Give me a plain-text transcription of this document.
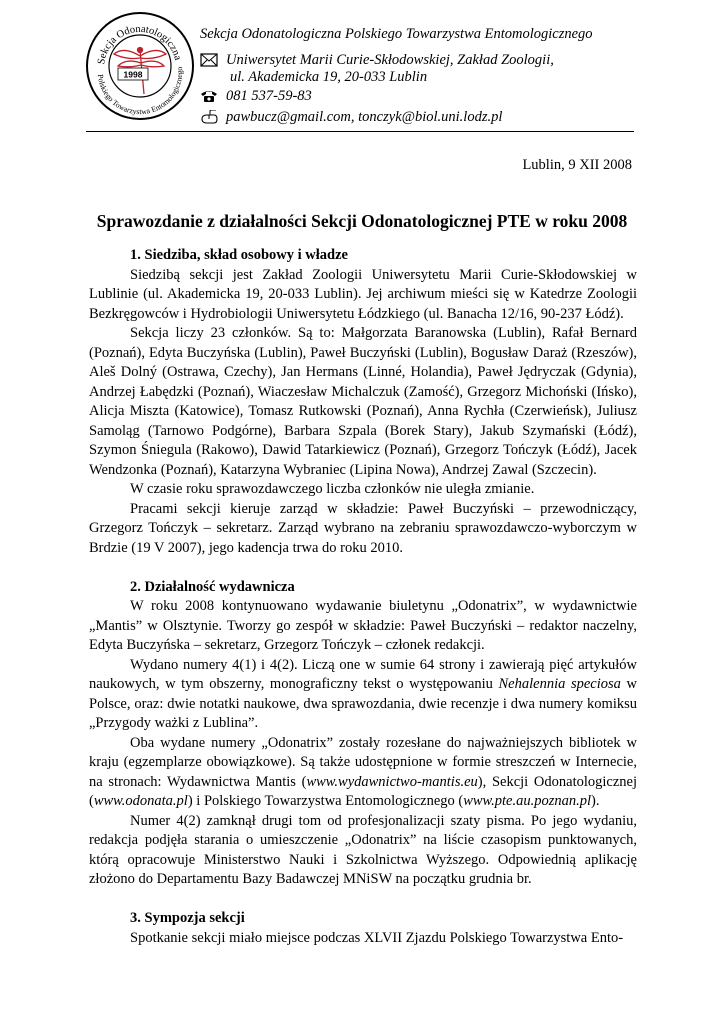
Sekcja Odonatologiczna
Polskiego Towarzystwa Entomologicznego
1998
Sekcja Odonatologiczna Polskiego Towarzystwa Entomologicznego
Uniwersytet Marii Curie-Skłodowskiej, Zakład Zoologii,
ul. Akademicka 19, 20-033 Lublin
081 537-59-83
pawbucz@gmail.com, tonczyk@biol.uni.lodz.pl
Lublin, 9 XII 2008
Sprawozdanie z działalności Sekcji Odonatologicznej PTE w roku 2008
1. Siedziba, skład osobowy i władze

Siedzibą sekcji jest Zakład Zoologii Uniwersytetu Marii Curie-Skłodowskiej w Lublinie (ul. Akademicka 19, 20-033 Lublin). Jej archiwum mieści się w Katedrze Zoologii Bezkręgowców i Hydrobiologii Uniwersytetu Łódzkiego (ul. Banacha 12/16, 90-237 Łódź).

Sekcja liczy 23 członków. Są to: Małgorzata Baranowska (Lublin), Rafał Bernard (Poznań), Edyta Buczyńska (Lublin), Paweł Buczyński (Lublin), Bogusław Daraż (Rzeszów), Aleš Dolný (Ostrawa, Czechy), Jan Hermans (Linné, Holandia), Paweł Jędryczak (Gdynia), Andrzej Łabędzki (Poznań), Wiaczesław Michalczuk (Zamość), Grzegorz Michoński (Ińsko), Alicja Miszta (Katowice), Tomasz Rutkowski (Poznań), Anna Rychła (Czerwieńsk), Juliusz Samoląg (Tarnowo Podgórne), Barbara Szpala (Borek Stary), Jakub Szymański (Łódź), Szymon Śniegula (Rakowo), Dawid Tatarkiewicz (Poznań), Grzegorz Tończyk (Łódź), Jacek Wendzonka (Poznań), Katarzyna Wybraniec (Lipina Nowa), Andrzej Zawal (Szczecin).

W czasie roku sprawozdawczego liczba członków nie uległa zmianie.

Pracami sekcji kieruje zarząd w składzie: Paweł Buczyński – przewodniczący, Grzegorz Tończyk – sekretarz. Zarząd wybrano na zebraniu sprawozdawczo-wyborczym w Brdzie (19 V 2007), jego kadencja trwa do roku 2010.

2. Działalność wydawnicza

W roku 2008 kontynuowano wydawanie biuletynu „Odonatrix”, w wydawnictwie „Mantis” w Olsztynie. Tworzy go zespół w składzie: Paweł Buczyński – redaktor naczelny, Edyta Buczyńska – sekretarz, Grzegorz Tończyk – członek redakcji.

Wydano numery 4(1) i 4(2). Liczą one w sumie 64 strony i zawierają pięć artykułów naukowych, w tym obszerny, monograficzny tekst o występowaniu Nehalennia speciosa w Polsce, oraz: dwie notatki naukowe, dwa sprawozdania, dwie recenzje i dwa numery komiksu „Przygody ważki z Lublina”.

Oba wydane numery „Odonatrix” zostały rozesłane do najważniejszych bibliotek w kraju (egzemplarze obowiązkowe). Są także udostępnione w formie streszczeń w Internecie, na stronach: Wydawnictwa Mantis (www.wydawnictwo-mantis.eu), Sekcji Odonatologicznej (www.odonata.pl) i Polskiego Towarzystwa Entomologicznego (www.pte.au.poznan.pl).

Numer 4(2) zamknął drugi tom od profesjonalizacji szaty pisma. Po jego wydaniu, redakcja podjęła starania o umieszczenie „Odonatrix” na liście czasopism punktowanych, którą opracowuje Ministerstwo Nauki i Szkolnictwa Wyższego. Odpowiednią aplikację złożono do Departamentu Bazy Badawczej MNiSW na początku grudnia br.

3. Sympozja sekcji

Spotkanie sekcji miało miejsce podczas XLVII Zjazdu Polskiego Towarzystwa Ento-
